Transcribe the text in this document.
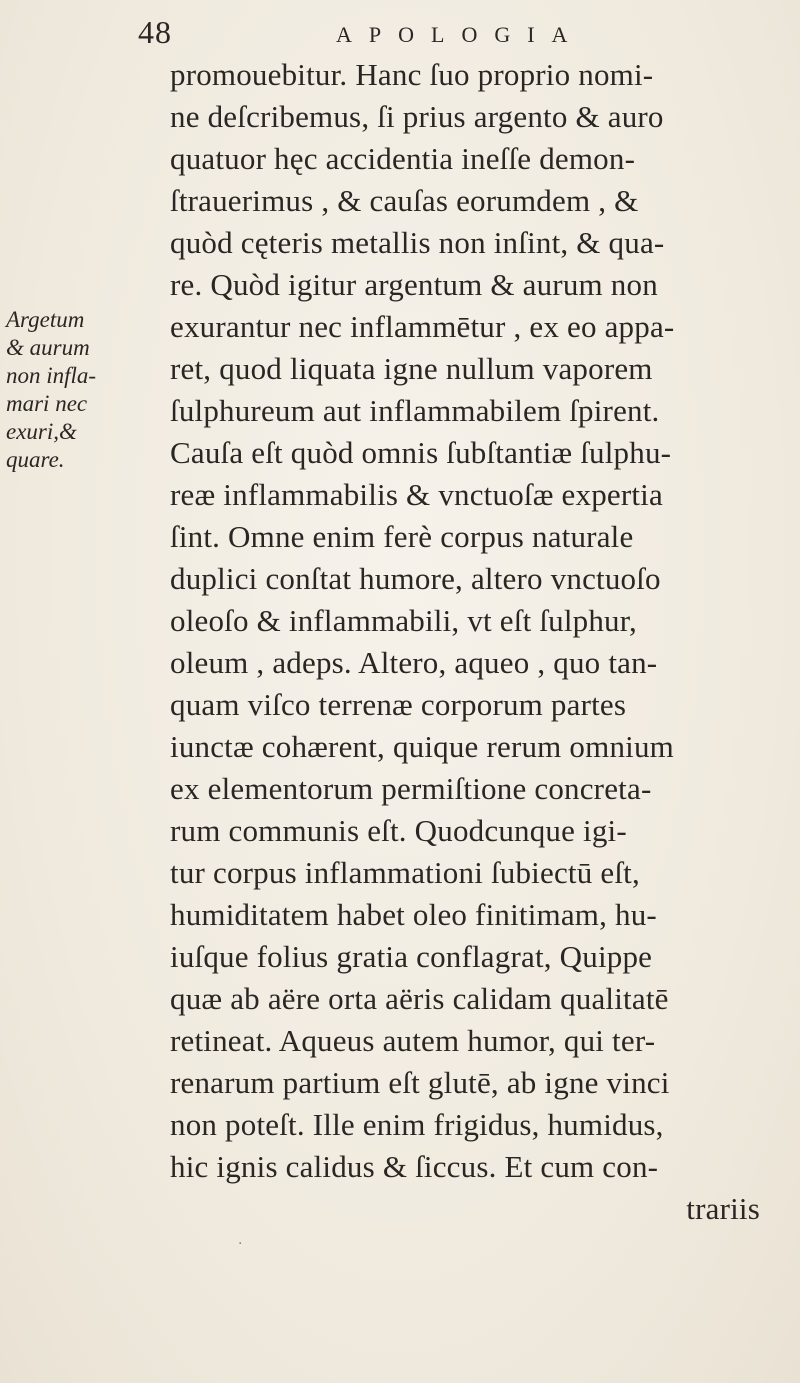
48	APOLOGIA
Argetum
& aurum
non infla-
mari nec
exuri,&
quare.
promouebitur. Hanc ſuo proprio nomi-
ne deſcribemus, ſi prius argento & auro
quatuor hęc accidentia ineſſe demon-
ſtrauerimus , & cauſas eorumdem , &
quòd cęteris metallis non inſint, & qua-
re. Quòd igitur argentum & aurum non
exurantur nec inflammētur , ex eo appa-
ret, quod liquata igne nullum vaporem
ſulphureum aut inflammabilem ſpirent.
Cauſa eſt quòd omnis ſubſtantiæ ſulphu-
reæ inflammabilis & vnctuoſæ expertia
ſint. Omne enim ferè corpus naturale
duplici conſtat humore, altero vnctuoſo
oleoſo & inflammabili, vt eſt ſulphur,
oleum , adeps. Altero, aqueo , quo tan-
quam viſco terrenæ corporum partes
iunctæ cohærent, quique rerum omnium
ex elementorum permiſtione concreta-
rum communis eſt. Quodcunque igi-
tur corpus inflammationi ſubiectū eſt,
humiditatem habet oleo finitimam, hu-
iuſque folius gratia conflagrat, Quippe
quæ ab aëre orta aëris calidam qualitatē
retineat. Aqueus autem humor, qui ter-
renarum partium eſt glutē, ab igne vinci
non poteſt. Ille enim frigidus, humidus,
hic ignis calidus & ſiccus. Et cum con-
trariis
·
